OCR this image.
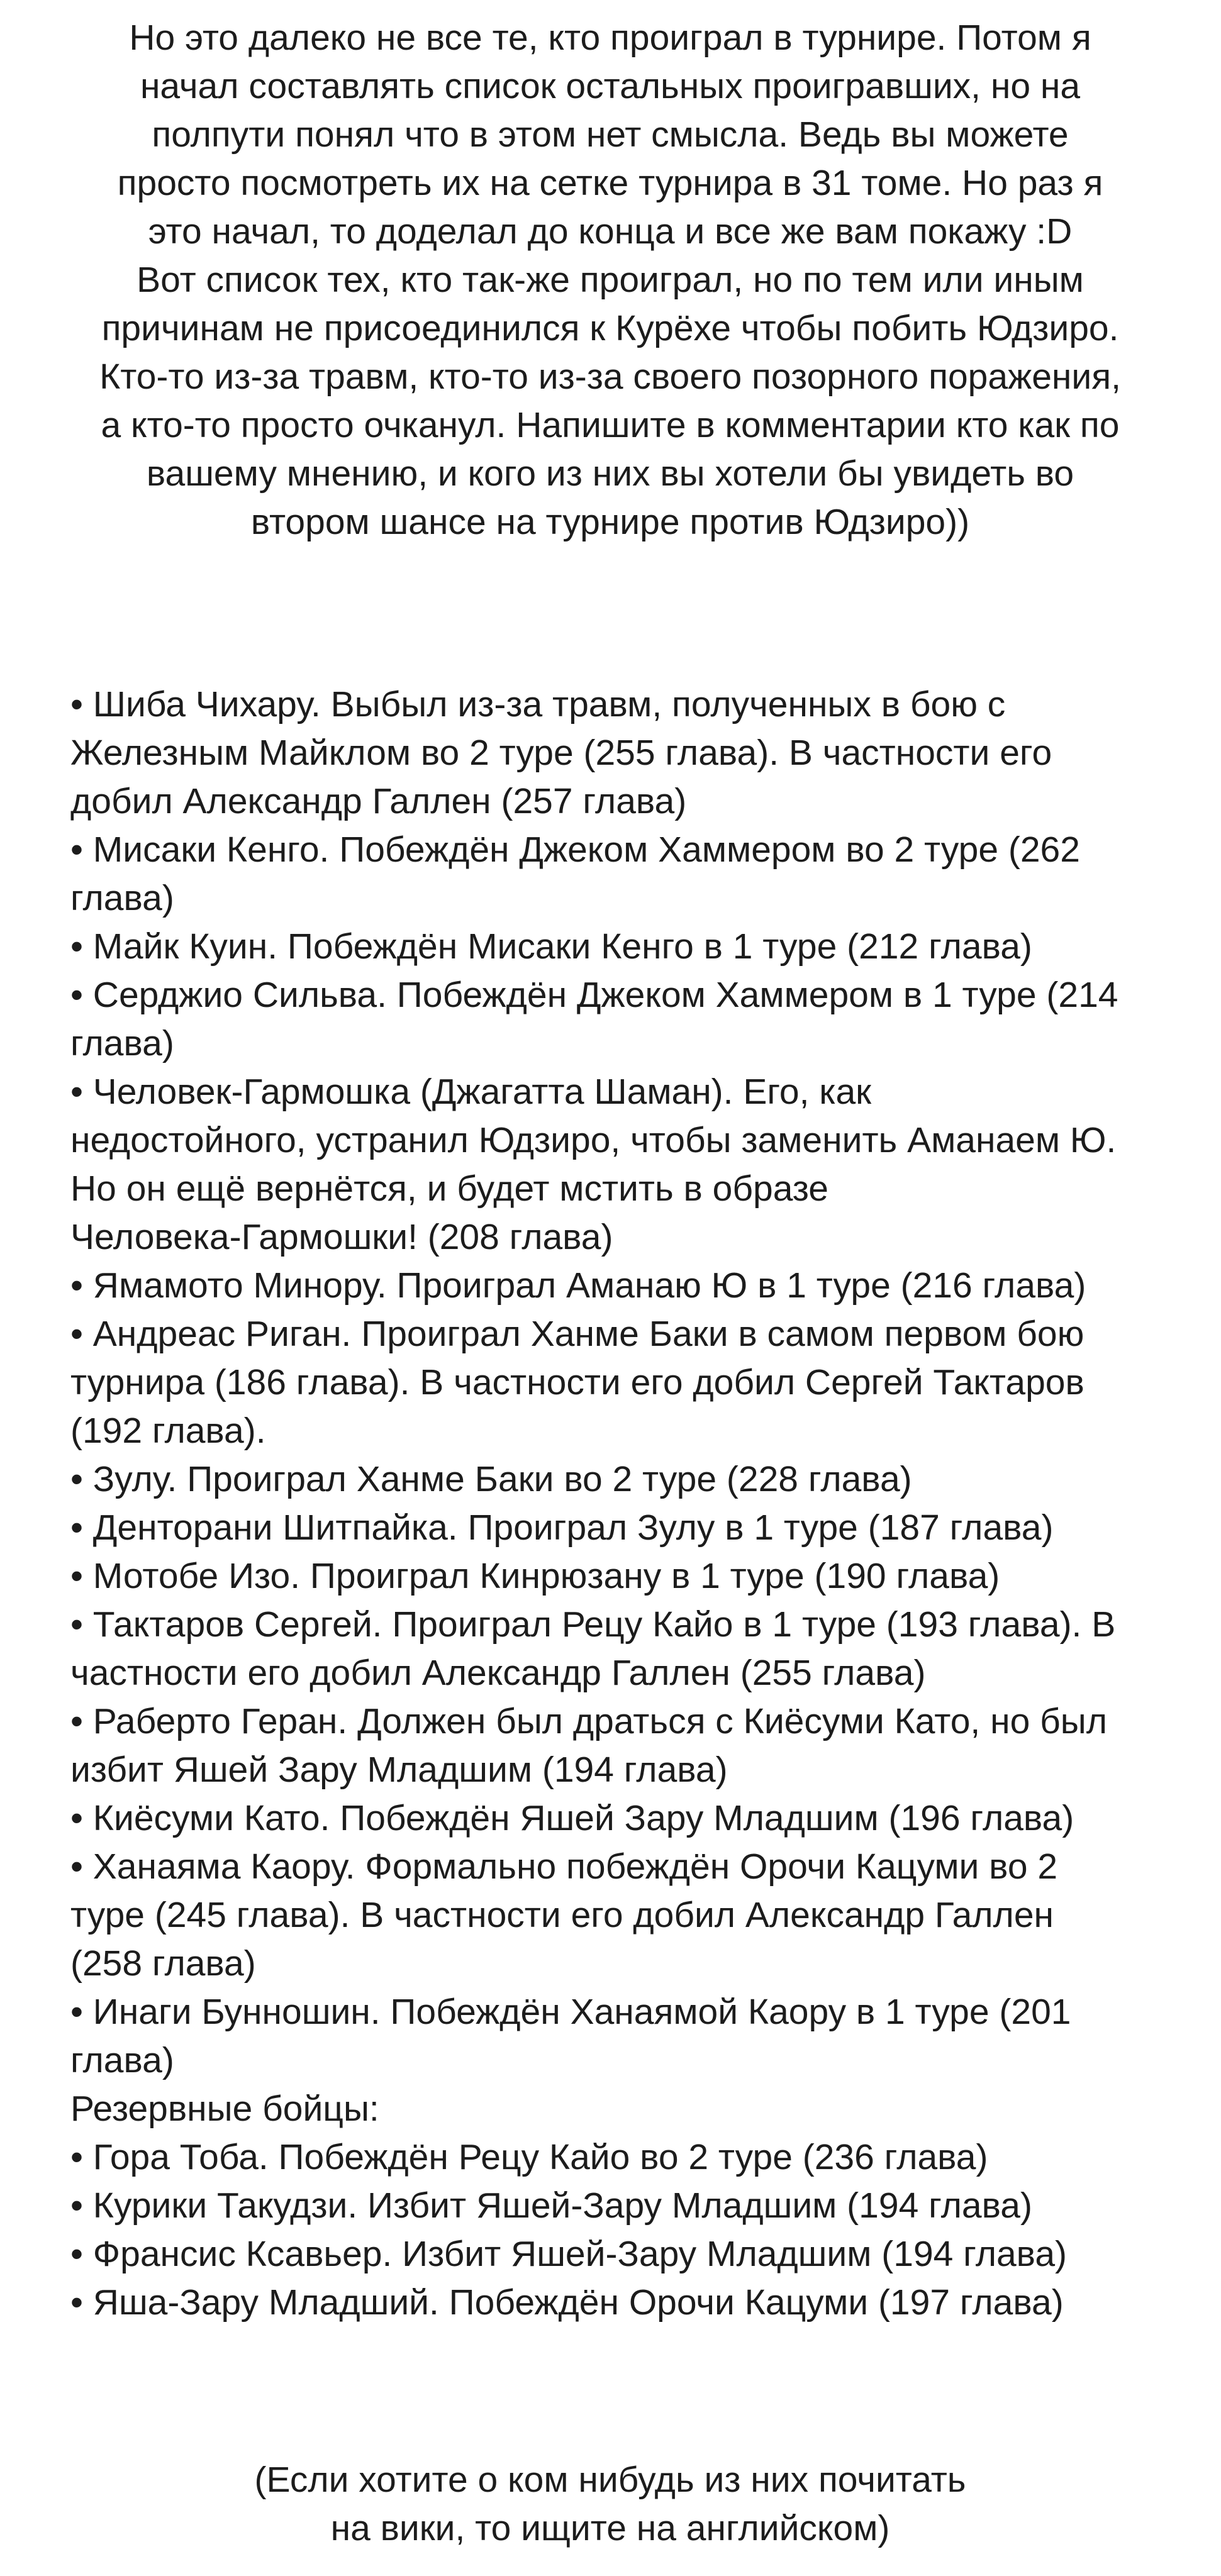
Но это далеко не все те, кто проиграл в турнире. Потом я

начал составлять список остальных проигравших, но на

полпути понял что в этом нет смысла. Ведь вы можете

просто посмотреть их на сетке турнира в 31 томе. Но раз я

это начал, то доделал до конца и все же вам покажу :D

Вот список тех, кто так-же проиграл, но по тем или иным

причинам не присоединился к Курёхе чтобы побить Юдзиро.

Кто-то из-за травм, кто-то из-за своего позорного поражения,

а кто-то просто очканул. Напишите в комментарии кто как по

вашему мнению, и кого из них вы хотели бы увидеть во

втором шансе на турнире против Юдзиро))

• Шиба Чихару. Выбыл из-за травм, полученных в бою с

Железным Майклом во 2 туре (255 глава). В частности его

добил Александр Галлен (257 глава)

• Мисаки Кенго. Побеждён Джеком Хаммером во 2 туре (262

глава)

• Майк Куин. Побеждён Мисаки Кенго в 1 туре (212 глава)

• Серджио Сильва. Побеждён Джеком Хаммером в 1 туре (214

глава)

• Человек-Гармошка (Джагатта Шаман). Его, как

недостойного, устранил Юдзиро, чтобы заменить Аманаем Ю.

Но он ещё вернётся, и будет мстить в образе

Человека-Гармошки! (208 глава)

• Ямамото Минору. Проиграл Аманаю Ю в 1 туре (216 глава)

• Андреас Риган. Проиграл Ханме Баки в самом первом бою

турнира (186 глава). В частности его добил Сергей Тактаров

(192 глава).

• Зулу. Проиграл Ханме Баки во 2 туре (228 глава)

• Денторани Шитпайка. Проиграл Зулу в 1 туре (187 глава)

• Мотобе Изо. Проиграл Кинрюзану в 1 туре (190 глава)

• Тактаров Сергей. Проиграл Рецу Кайо в 1 туре (193 глава). В

частности его добил Александр Галлен (255 глава)

• Раберто Геран. Должен был драться с Киёсуми Като, но был

избит Яшей Зару Младшим (194 глава)

• Киёсуми Като. Побеждён Яшей Зару Младшим (196 глава)

• Ханаяма Каору. Формально побеждён Орочи Кацуми во 2

туре (245 глава). В частности его добил Александр Галлен

(258 глава)

• Инаги Бунношин. Побеждён Ханаямой Каору в 1 туре (201

глава)

Резервные бойцы:

• Гора Тоба. Побеждён Рецу Кайо во 2 туре (236 глава)

• Курики Такудзи. Избит Яшей-Зару Младшим (194 глава)

• Франсис Ксавьер. Избит Яшей-Зару Младшим (194 глава)

• Яша-Зару Младший. Побеждён Орочи Кацуми (197 глава)

(Если хотите о ком нибудь из них почитать

на вики, то ищите на английском)
